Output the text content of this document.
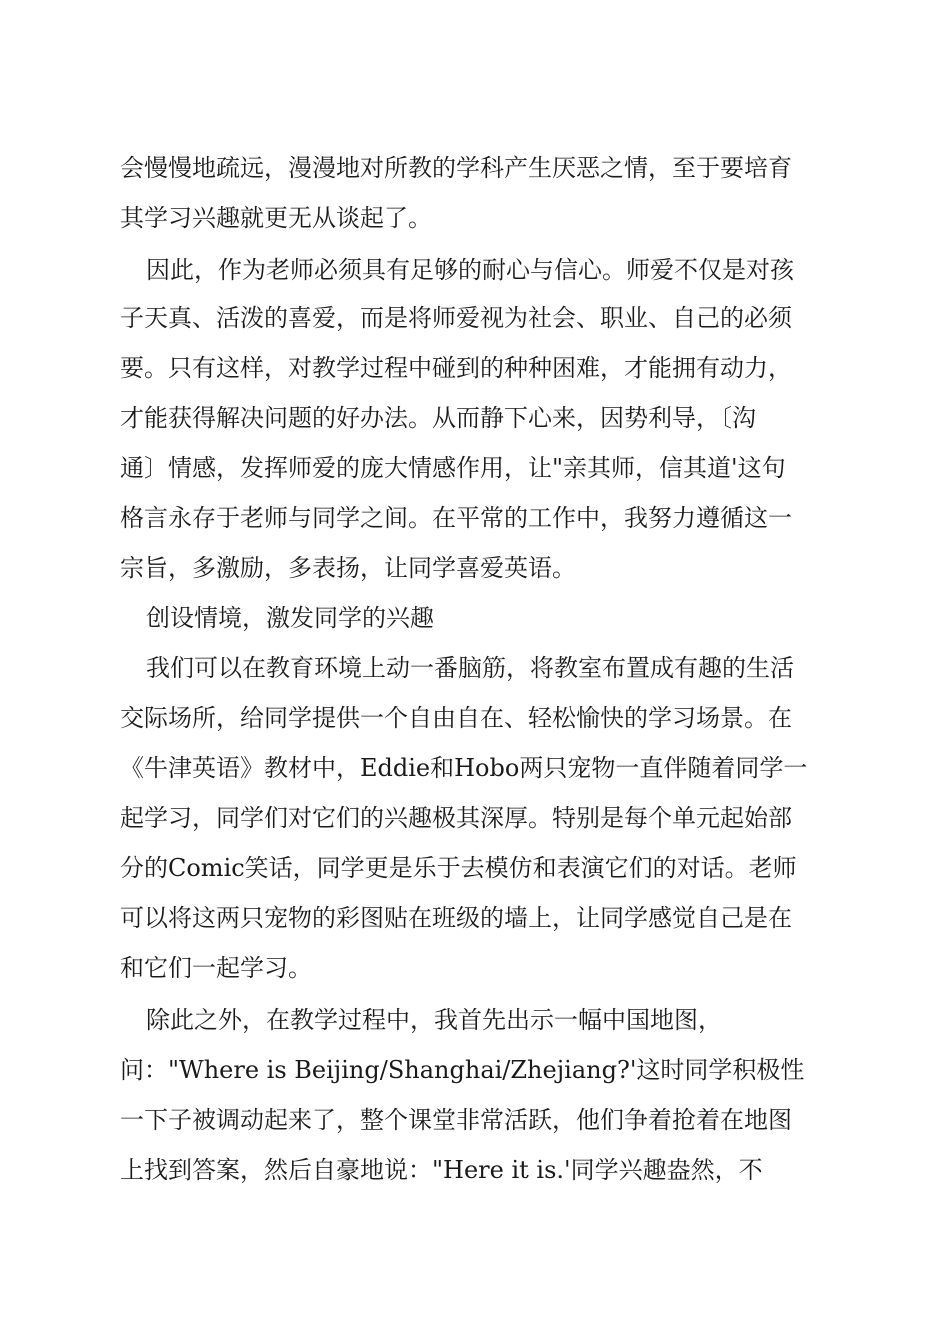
会慢慢地疏远，漫漫地对所教的学科产生厌恶之情，至于要培育
其学习兴趣就更无从谈起了。
因此，作为老师必须具有足够的耐心与信心。师爱不仅是对孩
子天真、活泼的喜爱，而是将师爱视为社会、职业、自己的必须
要。只有这样，对教学过程中碰到的种种困难，才能拥有动力，
才能获得解决问题的好办法。从而静下心来，因势利导，〔沟
通〕情感，发挥师爱的庞大情感作用，让"亲其师，信其道'这句
格言永存于老师与同学之间。在平常的工作中，我努力遵循这一
宗旨，多激励，多表扬，让同学喜爱英语。
创设情境，激发同学的兴趣
我们可以在教育环境上动一番脑筋，将教室布置成有趣的生活
交际场所，给同学提供一个自由自在、轻松愉快的学习场景。在
《牛津英语》教材中，Eddie和Hobo两只宠物一直伴随着同学一
起学习，同学们对它们的兴趣极其深厚。特别是每个单元起始部
分的Comic笑话，同学更是乐于去模仿和表演它们的对话。老师
可以将这两只宠物的彩图贴在班级的墙上，让同学感觉自己是在
和它们一起学习。
除此之外，在教学过程中，我首先出示一幅中国地图，
问："Where is Beijing/Shanghai/Zhejiang?'这时同学积极性
一下子被调动起来了，整个课堂非常活跃，他们争着抢着在地图
上找到答案，然后自豪地说："Here it is.'同学兴趣盎然，不
